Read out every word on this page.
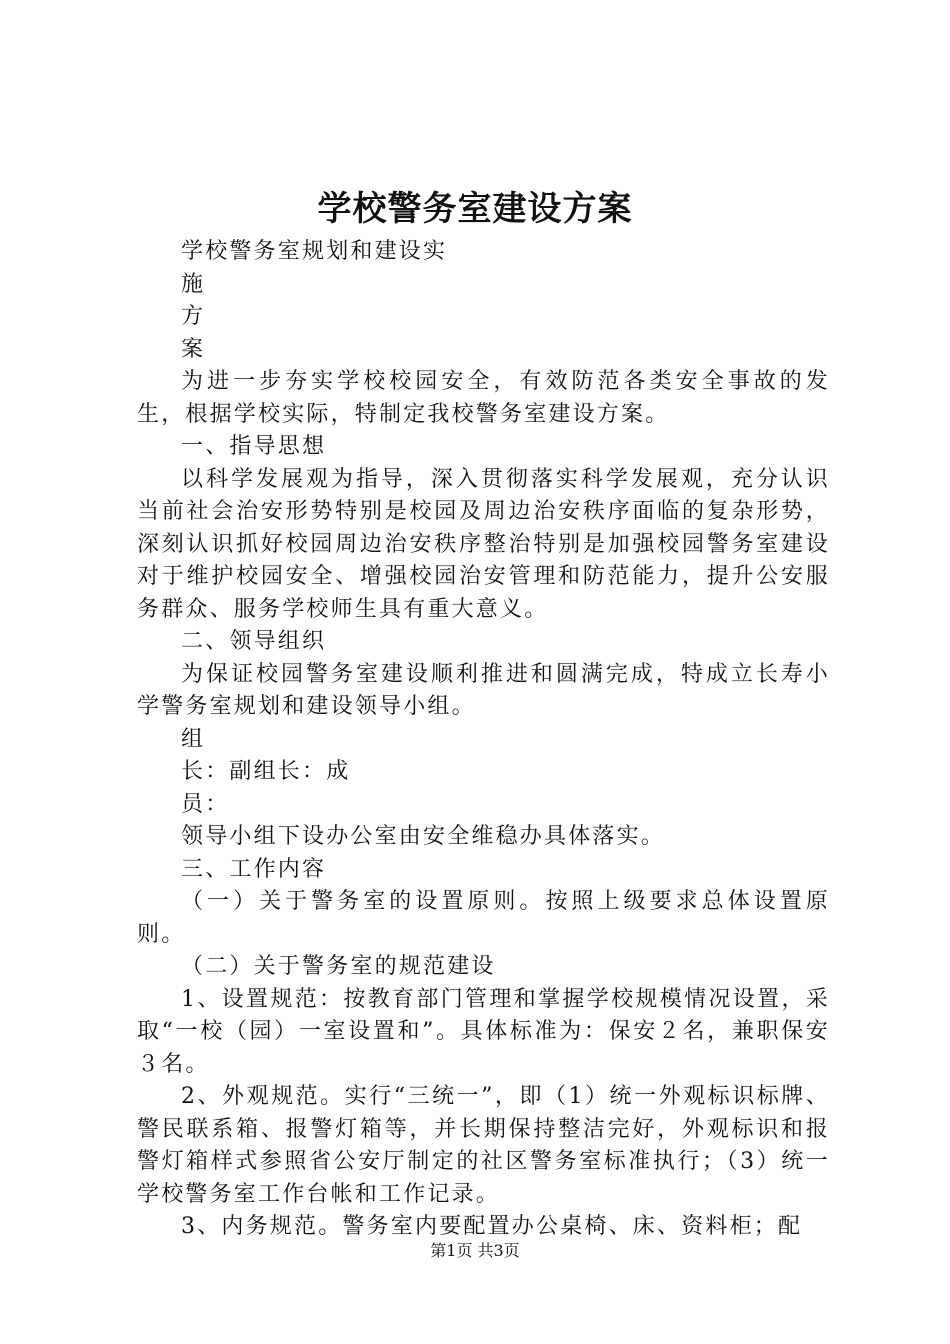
学校警务室建设方案

学校警务室规划和建设实

施

方

案

为进一步夯实学校校园安全，有效防范各类安全事故的发生，根据学校实际，特制定我校警务室建设方案。

一、指导思想

以科学发展观为指导，深入贯彻落实科学发展观，充分认识当前社会治安形势特别是校园及周边治安秩序面临的复杂形势，深刻认识抓好校园周边治安秩序整治特别是加强校园警务室建设对于维护校园安全、增强校园治安管理和防范能力，提升公安服务群众、服务学校师生具有重大意义。

二、领导组织

为保证校园警务室建设顺利推进和圆满完成，特成立长寿小学警务室规划和建设领导小组。

组

长：副组长：成

员：

领导小组下设办公室由安全维稳办具体落实。

三、工作内容

（一）关于警务室的设置原则。按照上级要求总体设置原则。

（二）关于警务室的规范建设

1、设置规范：按教育部门管理和掌握学校规模情况设置，采取“一校（园）一室设置和”。具体标准为：保安２名，兼职保安３名。

2、外观规范。实行“三统一”，即（1）统一外观标识标牌、警民联系箱、报警灯箱等，并长期保持整洁完好，外观标识和报警灯箱样式参照省公安厅制定的社区警务室标准执行；（3）统一学校警务室工作台帐和工作记录。

3、内务规范。警务室内要配置办公桌椅、床、资料柜；配

第1页 共3页
